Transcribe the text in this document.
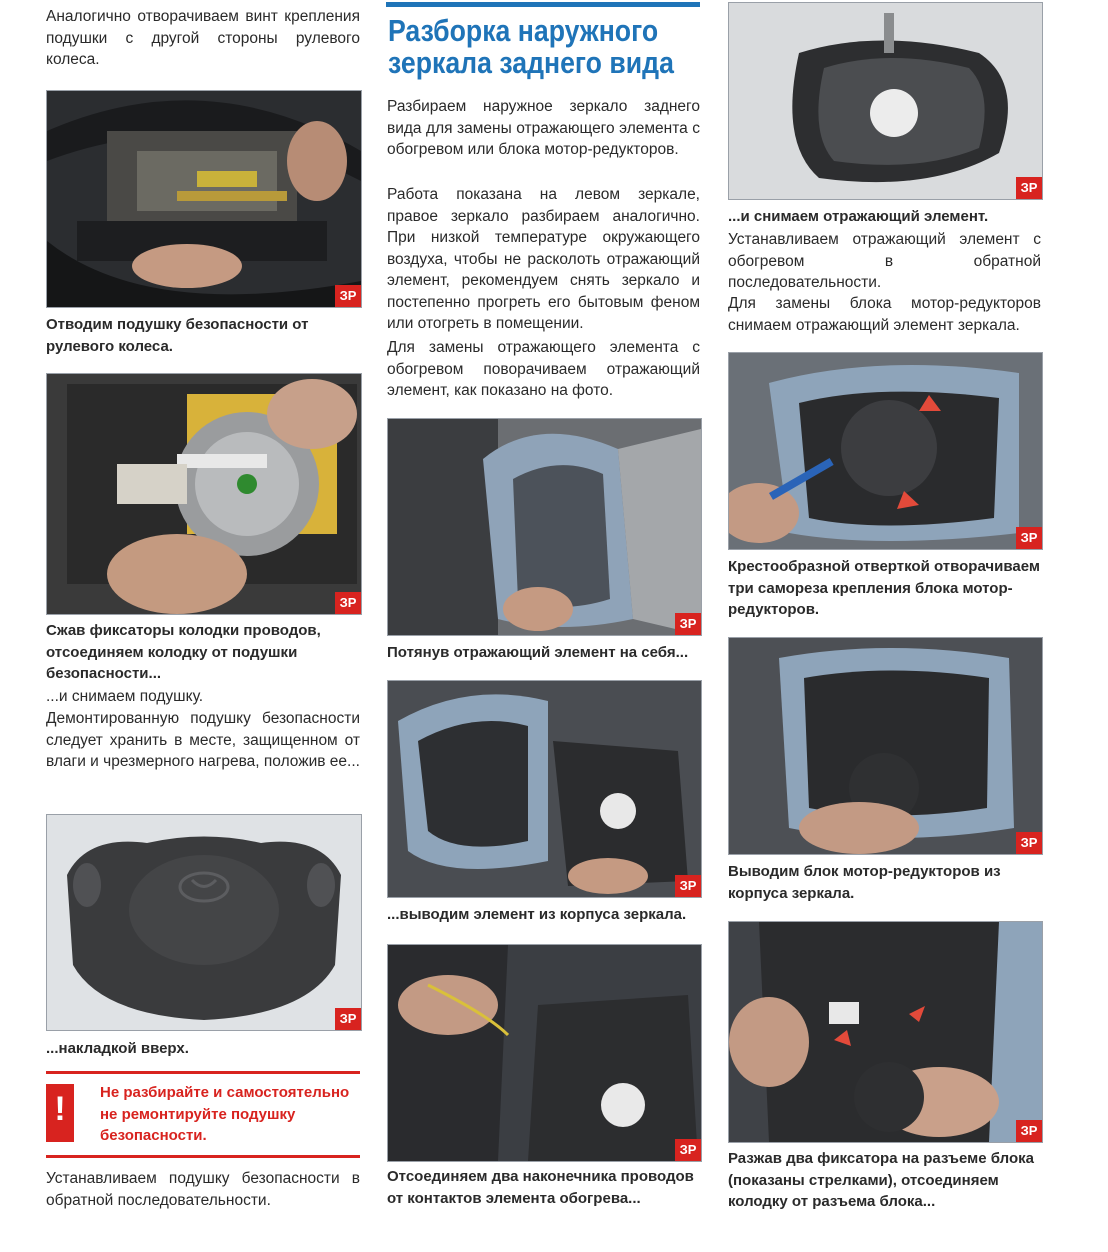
Аналогично отворачиваем винт крепления подушки с другой стороны рулевого колеса.

ЗР

Отводим подушку безопасности от рулевого колеса.

ЗР

Сжав фиксаторы колодки проводов, отсоединяем колодку от подушки безопасности...

...и снимаем подушку.

Демонтированную подушку безопасности следует хранить в месте, защищенном от влаги и чрезмерного нагрева, положив ее...

ЗР

...накладкой вверх.

!	Не разбирайте и самостоятельно не ремонтируйте подушку безопасности.

Устанавливаем подушку безопасности в обратной последовательности.

Разборка наружного
зеркала заднего вида

Разбираем наружное зеркало заднего вида для замены отражающего элемента с обогревом или блока мотор-редукторов.

Работа показана на левом зеркале, правое зеркало разбираем аналогично. При низкой температуре окружающего воздуха, чтобы не расколоть отражающий элемент, рекомендуем снять зеркало и постепенно прогреть его бытовым феном или отогреть в помещении.

Для замены отражающего элемента с обогревом поворачиваем отражающий элемент, как показано на фото.

ЗР

Потянув отражающий элемент на себя...

ЗР

...выводим элемент из корпуса зеркала.

ЗР

Отсоединяем два наконечника проводов от контактов элемента обогрева...

ЗР

...и снимаем отражающий элемент.

Устанавливаем отражающий элемент с обогревом в обратной последовательности.

Для замены блока мотор-редукторов снимаем отражающий элемент зеркала.

ЗР

Крестообразной отверткой отворачиваем три самореза крепления блока мотор-редукторов.

ЗР

Выводим блок мотор-редукторов из корпуса зеркала.

ЗР

Разжав два фиксатора на разъеме блока (показаны стрелками), отсоединяем колодку от разъема блока...
